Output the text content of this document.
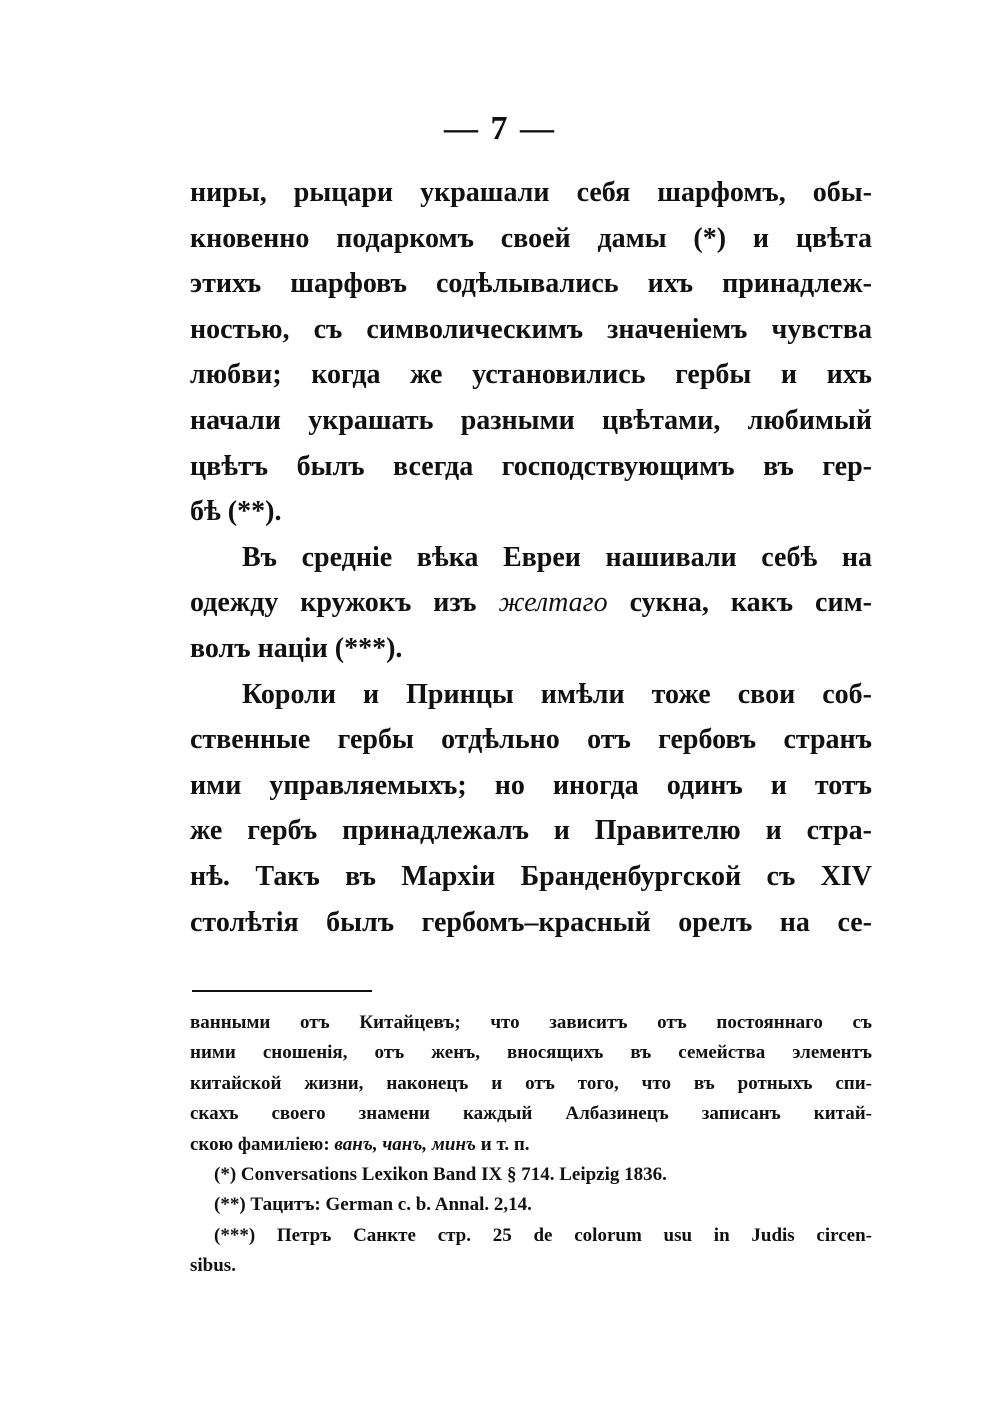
— 7 —
ниры, рыцари украшали себя шарфомъ, обы-
кновенно подаркомъ своей дамы (*) и цвѣта
этихъ шарфовъ содѣлывались ихъ принадлеж-
ностью, съ символическимъ значенiемъ чувства
любви; когда же установились гербы и ихъ
начали украшать разными цвѣтами, любимый
цвѣтъ былъ всегда господствующимъ въ гер-
бѣ (**).
Въ среднiе вѣка Евреи нашивали себѣ на
одежду кружокъ изъ желтаго сукна, какъ сим-
волъ націи (***).
Короли и Принцы имѣли тоже свои соб-
ственные гербы отдѣльно отъ гербовъ странъ
ими управляемыхъ; но иногда одинъ и тотъ
же гербъ принадлежалъ и Правителю и стра-
нѣ. Такъ въ Мархiи Бранденбургской съ XIV
столѣтія былъ гербомъ–красный орелъ на се-
ванными отъ Китайцевъ; что зависитъ отъ постояннаго съ
ними сношенія, отъ женъ, вносящихъ въ семейства элементъ
китайской жизни, наконецъ и отъ того, что въ ротныхъ спи-
скахъ своего знамени каждый Албазинецъ записанъ китай-
скою фамиліею: ванъ, чанъ, минъ и т. п.
(*) Conversations Lexikon Band IX § 714. Leipzig 1836.
(**) Тацитъ: German c. b. Annal. 2,14.
(***) Петръ Санкте стр. 25 de colorum usu in Judis circen-
sibus.
